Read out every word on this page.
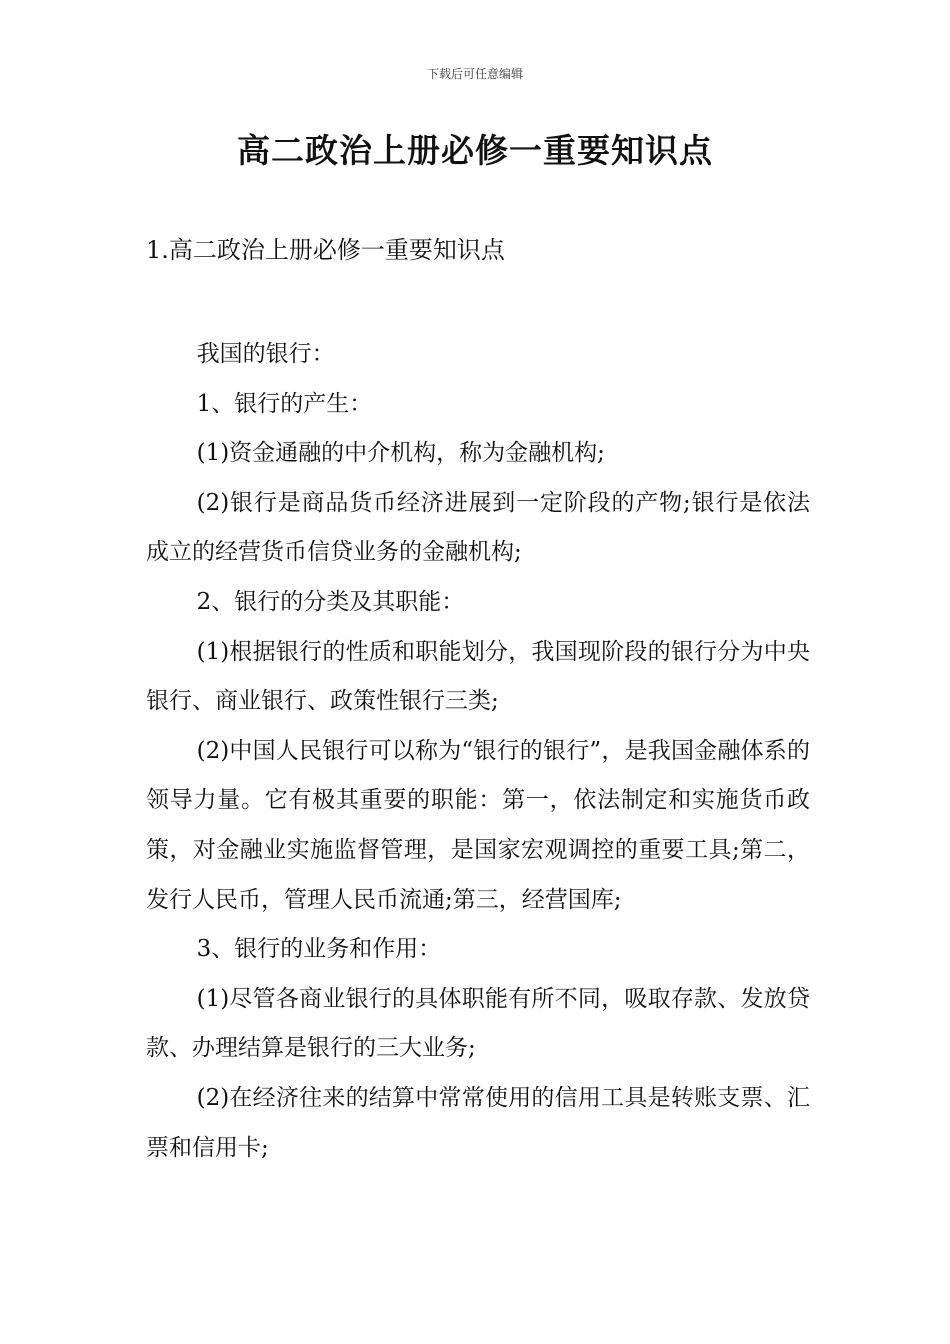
下载后可任意编辑
高二政治上册必修一重要知识点
1.高二政治上册必修一重要知识点

我国的银行：

1、银行的产生：

(1)资金通融的中介机构，称为金融机构;

(2)银行是商品货币经济进展到一定阶段的产物;银行是依法成立的经营货币信贷业务的金融机构;

2、银行的分类及其职能：

(1)根据银行的性质和职能划分，我国现阶段的银行分为中央银行、商业银行、政策性银行三类;

(2)中国人民银行可以称为“银行的银行”，是我国金融体系的领导力量。它有极其重要的职能：第一，依法制定和实施货币政策，对金融业实施监督管理，是国家宏观调控的重要工具;第二，发行人民币，管理人民币流通;第三，经营国库;

3、银行的业务和作用：

(1)尽管各商业银行的具体职能有所不同，吸取存款、发放贷款、办理结算是银行的三大业务;

(2)在经济往来的结算中常常使用的信用工具是转账支票、汇票和信用卡;
